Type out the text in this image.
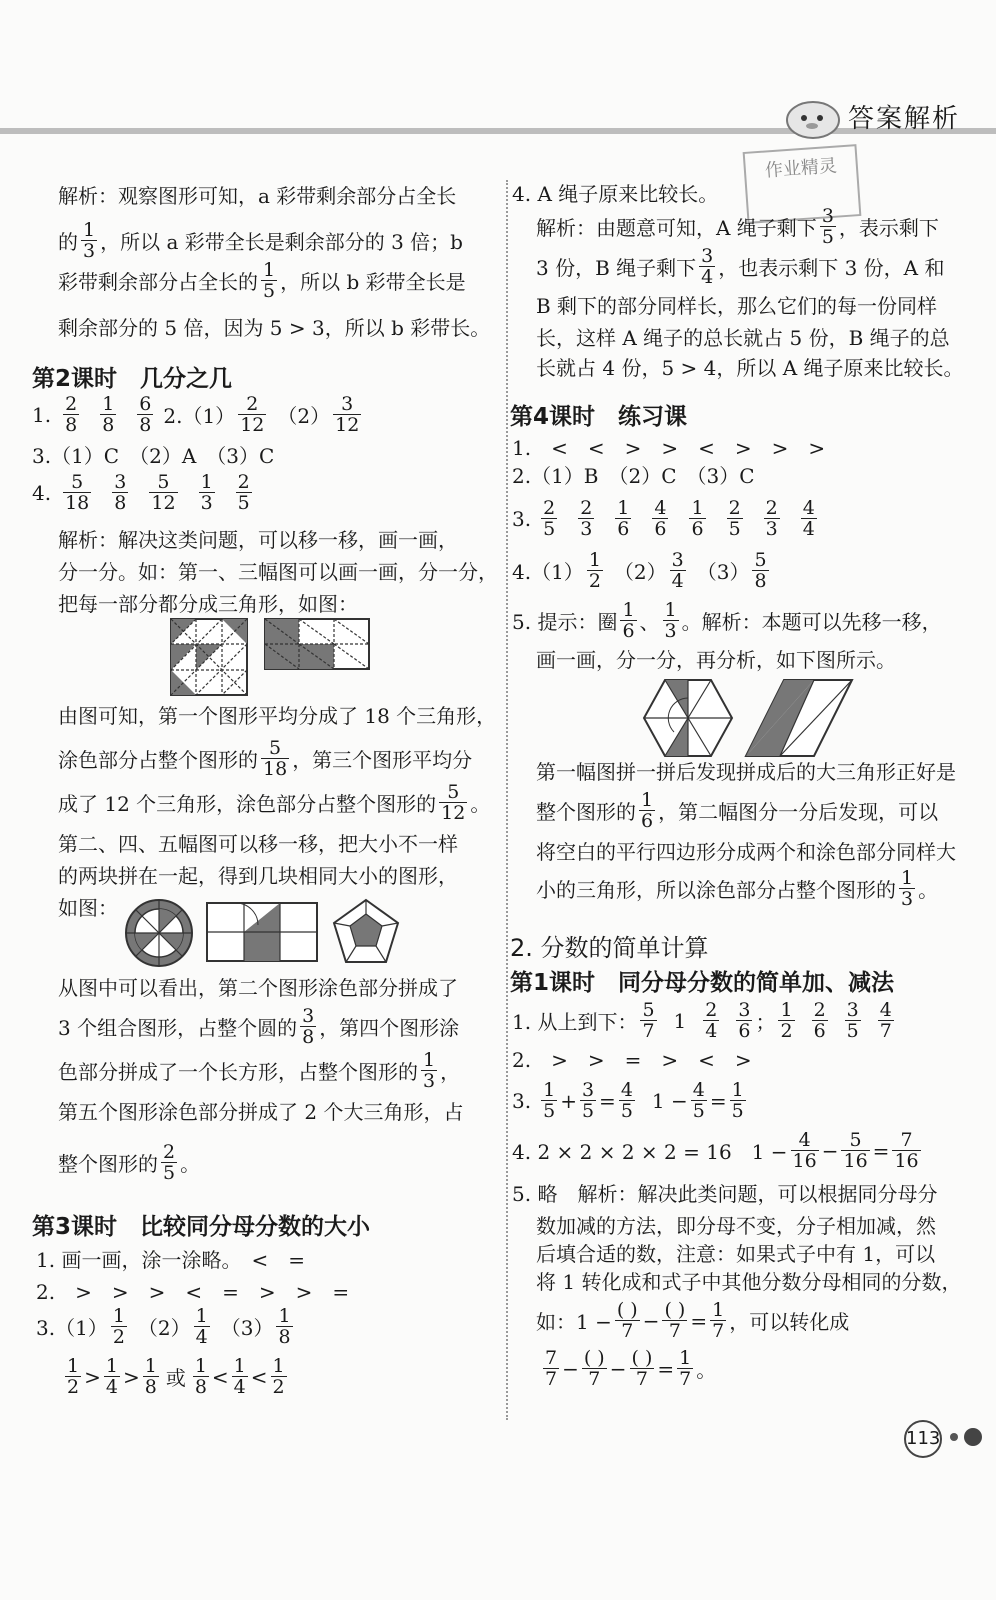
答案解析
作业精灵
解析：观察图形可知，a 彩带剩余部分占全长
的 $\frac{1}{3}$ ，所以 a 彩带全长是剩余部分的 3 倍；b
彩带剩余部分占全长的 $\frac{1}{5}$ ，所以 b 彩带全长是
剩余部分的 5 倍，因为 5 > 3，所以 b 彩带长。
第2课时　几分之几
1. $\frac{2}{8} \frac{1}{8} \frac{6}{8} 2.(1) \frac{2}{12} (2) \frac{3}{12}$
3.（1）C　（2）A　（3）C
4. $\frac{5}{18} \frac{3}{8} \frac{5}{12} \frac{1}{3} \frac{2}{5}$
解析：解决这类问题，可以移一移，画一画，
分一分。如：第一、三幅图可以画一画，分一分，
把每一部分都分成三角形，如图：
由图可知，第一个图形平均分成了 18 个三角形，
涂色部分占整个图形的 $\frac{5}{18}$ ，第三个图形平均分
成了 12 个三角形，涂色部分占整个图形的 $\frac{5}{12}$ 。
第二、四、五幅图可以移一移，把大小不一样
的两块拼在一起，得到几块相同大小的图形，
如图：
从图中可以看出，第二个图形涂色部分拼成了
3 个组合图形，占整个圆的 $\frac{3}{8}$ ，第四个图形涂
色部分拼成了一个长方形，占整个图形的 $\frac{1}{3}$ ，
第五个图形涂色部分拼成了 2 个大三角形，占
整个图形的 $\frac{2}{5}$ 。
第3课时　比较同分母分数的大小
1. 画一画，涂一涂略。　<　=
2.　>　>　>　<　=　>　>　=
$3.(1) \frac{1}{2} (2) \frac{1}{4} (3) \frac{1}{8}$
$\frac{1}{2} > \frac{1}{4} > \frac{1}{8}$ 或 $\frac{1}{8} < \frac{1}{4} < \frac{1}{2}$
4. A 绳子原来比较长。
解析：由题意可知，A 绳子剩下 $\frac{3}{5}$ ，表示剩下
3 份，B 绳子剩下 $\frac{3}{4}$ ，也表示剩下 3 份，A 和
B 剩下的部分同样长，那么它们的每一份同样
长，这样 A 绳子的总长就占 5 份，B 绳子的总
长就占 4 份，5 > 4，所以 A 绳子原来比较长。
第4课时　练习课
1.　<　<　>　>　<　>　>　>
2.（1）B　（2）C　（3）C
3. $\frac{2}{5} \frac{2}{3} \frac{1}{6} \frac{4}{6} \frac{1}{6} \frac{2}{5} \frac{2}{3} \frac{4}{4}$
$4.(1) \frac{1}{2} (2) \frac{3}{4} (3) \frac{5}{8}$
5. 提示：圈 $\frac{1}{6}$ 、 $\frac{1}{3}$ 。解析：本题可以先移一移，
画一画，分一分，再分析，如下图所示。
第一幅图拼一拼后发现拼成后的大三角形正好是
整个图形的 $\frac{1}{6}$ ，第二幅图分一分后发现，可以
将空白的平行四边形分成两个和涂色部分同样大
小的三角形，所以涂色部分占整个图形的 $\frac{1}{3}$ 。
2. 分数的简单计算
第1课时　同分母分数的简单加、减法
1. 从上到下： $\frac{5}{7} 1 \frac{2}{4} \frac{3}{6}$ ； $\frac{1}{2} \frac{2}{6} \frac{3}{5} \frac{4}{7}$
2.　>　>　=　>　<　>
3. $\frac{1}{5} + \frac{3}{5} = \frac{4}{5} 1 - \frac{4}{5} = \frac{1}{5}$
4. 2 × 2 × 2 × 2 = 16　$1 - \frac{4}{16} - \frac{5}{16} = \frac{7}{16}$
5. 略　解析：解决此类问题，可以根据同分母分
数加减的方法，即分母不变，分子相加减，然
后填合适的数，注意：如果式子中有 1，可以
将 1 转化成和式子中其他分数分母相同的分数，
如：$1 - \frac{( )}{7} - \frac{( )}{7} = \frac{1}{7}$ ，可以转化成
$\frac{7}{7} - \frac{( )}{7} - \frac{( )}{7} = \frac{1}{7}$ 。
113
